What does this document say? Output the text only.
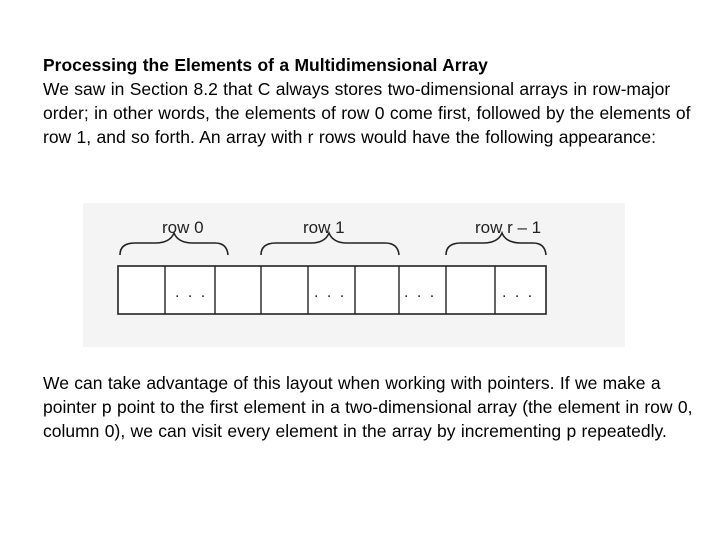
Processing the Elements of a Multidimensional Array
We saw in Section 8.2 that C always stores two-dimensional arrays in row-major order; in other words, the elements of row 0 come first, followed by the elements of row 1, and so forth. An array with r rows would have the following appearance:
row 0	row 1	row r – 1
. . .	. . .	. . .	. . .
We can take advantage of this layout when working with pointers. If we make a pointer p point to the first element in a two-dimensional array (the element in row 0, column 0), we can visit every element in the array by incrementing p repeatedly.
